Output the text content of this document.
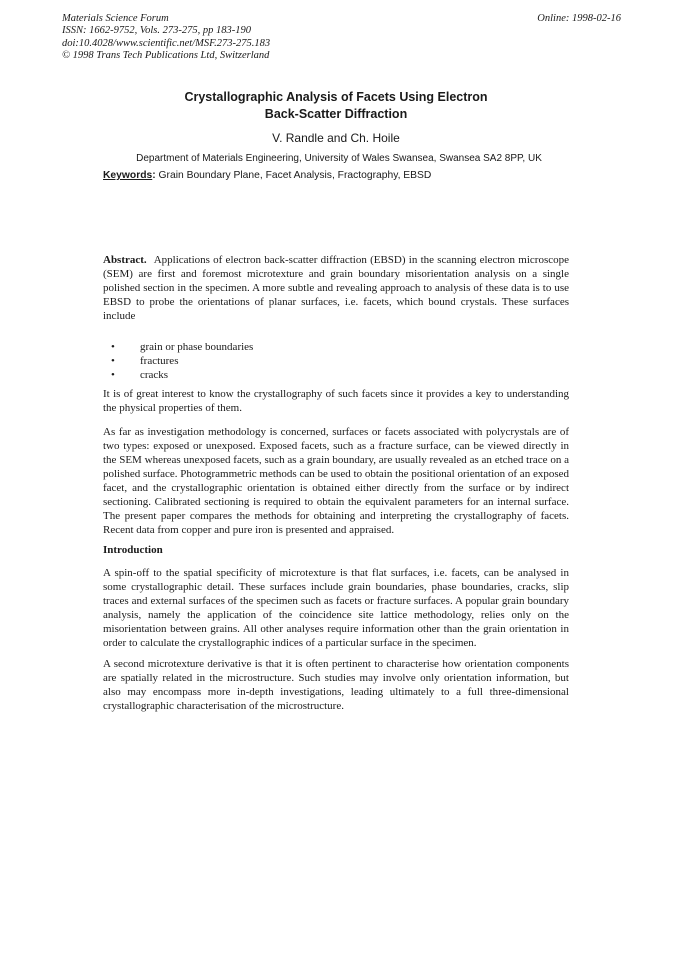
Materials Science Forum
ISSN: 1662-9752, Vols. 273-275, pp 183-190
doi:10.4028/www.scientific.net/MSF.273-275.183
© 1998 Trans Tech Publications Ltd, Switzerland
Online: 1998-02-16
Crystallographic Analysis of Facets Using Electron
Back-Scatter Diffraction
V. Randle and Ch. Hoile
Department of Materials Engineering, University of Wales Swansea, Swansea SA2 8PP, UK
Keywords: Grain Boundary Plane, Facet Analysis, Fractography, EBSD
Abstract. Applications of electron back-scatter diffraction (EBSD) in the scanning electron microscope (SEM) are first and foremost microtexture and grain boundary misorientation analysis on a single polished section in the specimen. A more subtle and revealing approach to analysis of these data is to use EBSD to probe the orientations of planar surfaces, i.e. facets, which bound crystals. These surfaces include
• grain or phase boundaries
• fractures
• cracks
It is of great interest to know the crystallography of such facets since it provides a key to understanding the physical properties of them.
As far as investigation methodology is concerned, surfaces or facets associated with polycrystals are of two types: exposed or unexposed. Exposed facets, such as a fracture surface, can be viewed directly in the SEM whereas unexposed facets, such as a grain boundary, are usually revealed as an etched trace on a polished surface. Photogrammetric methods can be used to obtain the positional orientation of an exposed facet, and the crystallographic orientation is obtained either directly from the surface or by indirect sectioning. Calibrated sectioning is required to obtain the equivalent parameters for an internal surface. The present paper compares the methods for obtaining and interpreting the crystallography of facets. Recent data from copper and pure iron is presented and appraised.
Introduction
A spin-off to the spatial specificity of microtexture is that flat surfaces, i.e. facets, can be analysed in some crystallographic detail. These surfaces include grain boundaries, phase boundaries, cracks, slip traces and external surfaces of the specimen such as facets or fracture surfaces. A popular grain boundary analysis, namely the application of the coincidence site lattice methodology, relies only on the misorientation between grains. All other analyses require information other than the grain orientation in order to calculate the crystallographic indices of a particular surface in the specimen.
A second microtexture derivative is that it is often pertinent to characterise how orientation components are spatially related in the microstructure. Such studies may involve only orientation information, but also may encompass more in-depth investigations, leading ultimately to a full three-dimensional crystallographic characterisation of the microstructure.
